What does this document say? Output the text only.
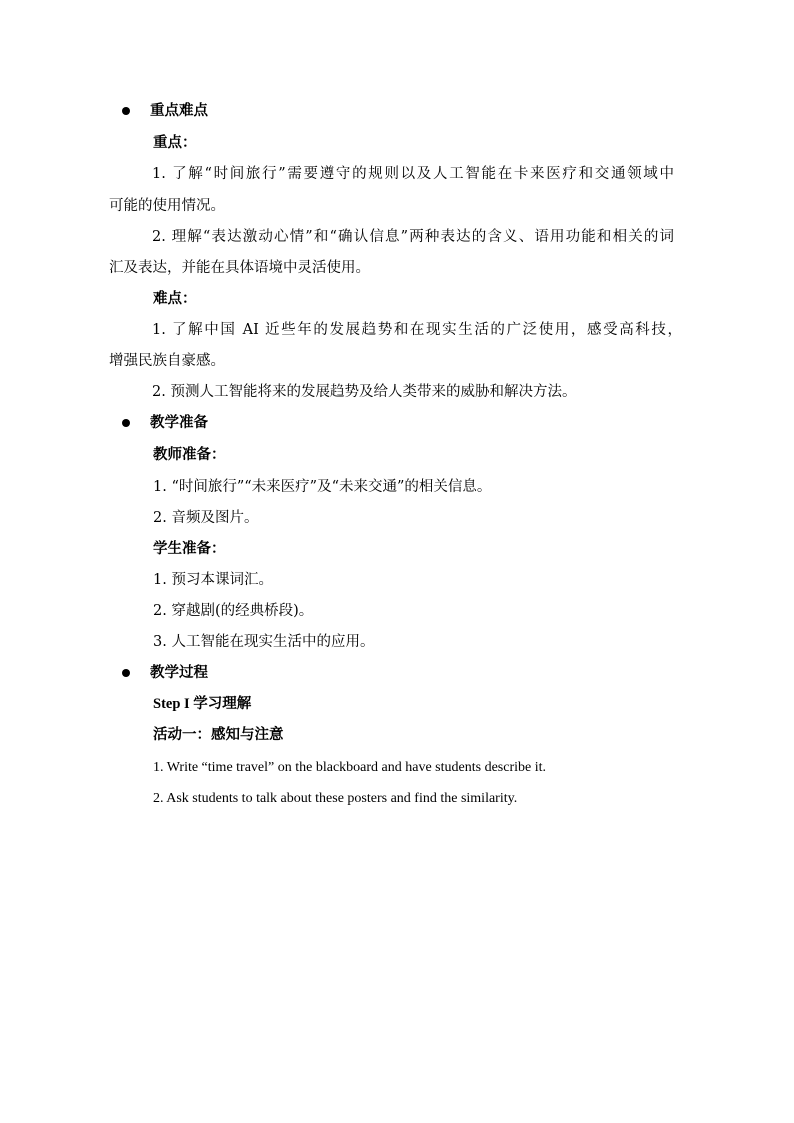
重点难点
重点：
1. 了解“时间旅行”需要遵守的规则以及人工智能在卡来医疗和交通领域中
可能的使用情况。
2. 理解“表达激动心情”和“确认信息”两种表达的含义、语用功能和相关的词
汇及表达，并能在具体语境中灵活使用。
难点：
1. 了解中国 AI 近些年的发展趋势和在现实生活的广泛使用，感受高科技，
增强民族自豪感。
2. 预测人工智能将来的发展趋势及给人类带来的威胁和解决方法。
教学准备
教师准备：
1. “时间旅行”“未来医疗”及“未来交通”的相关信息。
2. 音频及图片。
学生准备：
1. 预习本课词汇。
2. 穿越剧(的经典桥段)。
3. 人工智能在现实生活中的应用。
教学过程
Step I 学习理解
活动一：感知与注意
1. Write “time travel” on the blackboard and have students describe it.
2. Ask students to talk about these posters and find the similarity.
